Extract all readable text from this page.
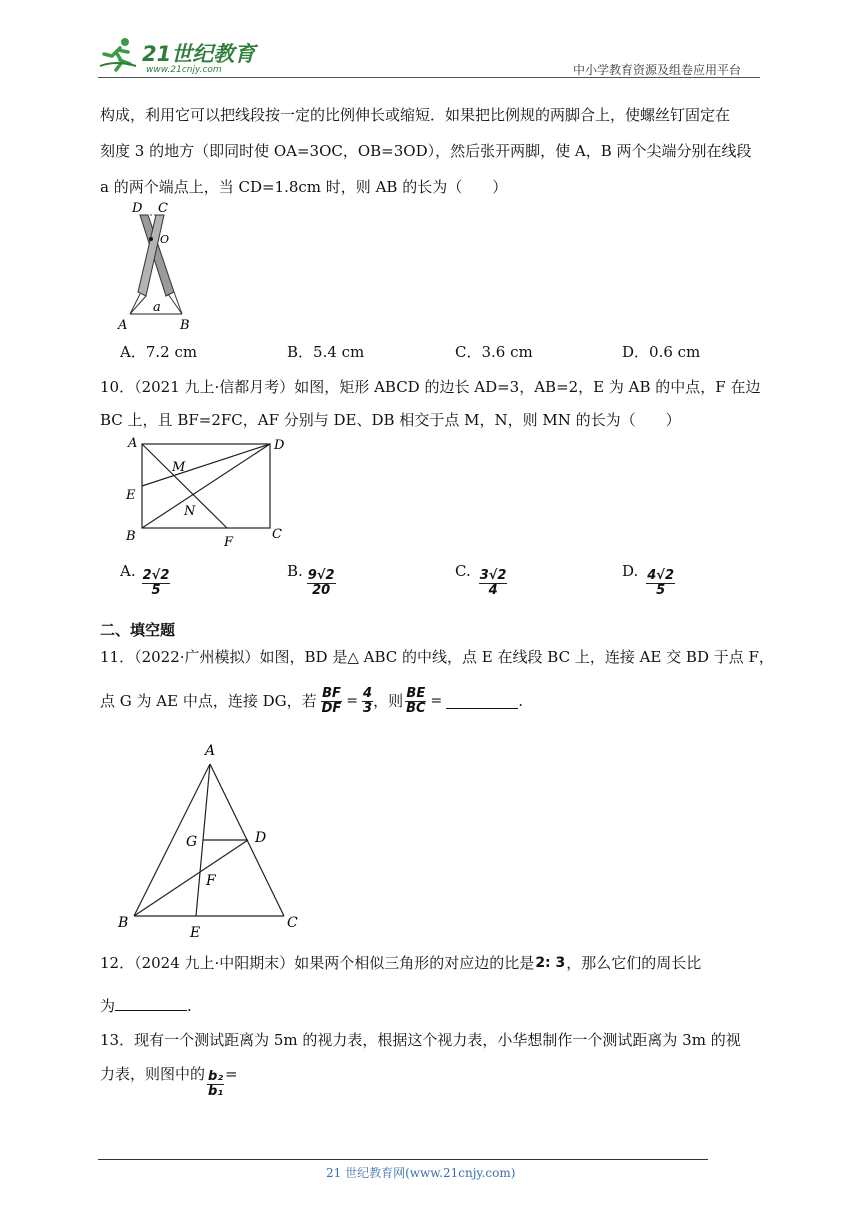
21世纪教育
www.21cnjy.com	中小学教育资源及组卷应用平台
构成，利用它可以把线段按一定的比例伸长或缩短．如果把比例规的两脚合上，使螺丝钉固定在
刻度 3 的地方（即同时使 OA=3OC，OB=3OD），然后张开两脚，使 A，B 两个尖端分别在线段
a 的两个端点上，当 CD=1.8cm 时，则 AB 的长为（　　）
D C
O
a
A	B
A．7.2 cm	B．5.4 cm	C．3.6 cm	D．0.6 cm
10．（2021 九上·信都月考）如图，矩形 ABCD 的边长 AD=3，AB=2，E 为 AB 的中点，F 在边
BC 上，且 BF=2FC，AF 分别与 DE、DB 相交于点 M，N，则 MN 的长为（　　）
A	D
M
E
N
B	F
C
A. $\frac{2√2}{5}$	B. $\frac{9√2}{20}$	C. $\frac{3√2}{4}$	D. $\frac{4√2}{5}$
二、填空题
11．（2022·广州模拟）如图，BD 是△ ABC 的中线，点 E 在线段 BC 上，连接 AE 交 BD 于点 F，
点 G 为 AE 中点，连接 DG，若 $\frac{BF}{DF} = \frac{4}{3}$ ，则 $\frac{BE}{BC}$ =	.
A
G	D
F
B
E
C
12．（2024 九上·中阳期末）如果两个相似三角形的对应边的比是 2: 3 ，那么它们的周长比
为	.
13．现有一个测试距离为 5m 的视力表，根据这个视力表，小华想制作一个测试距离为 3m 的视
力表，则图中的 $\frac{\text{b₂}}{\text{b₁}}$ =
21 世纪教育网(www.21cnjy.com)
